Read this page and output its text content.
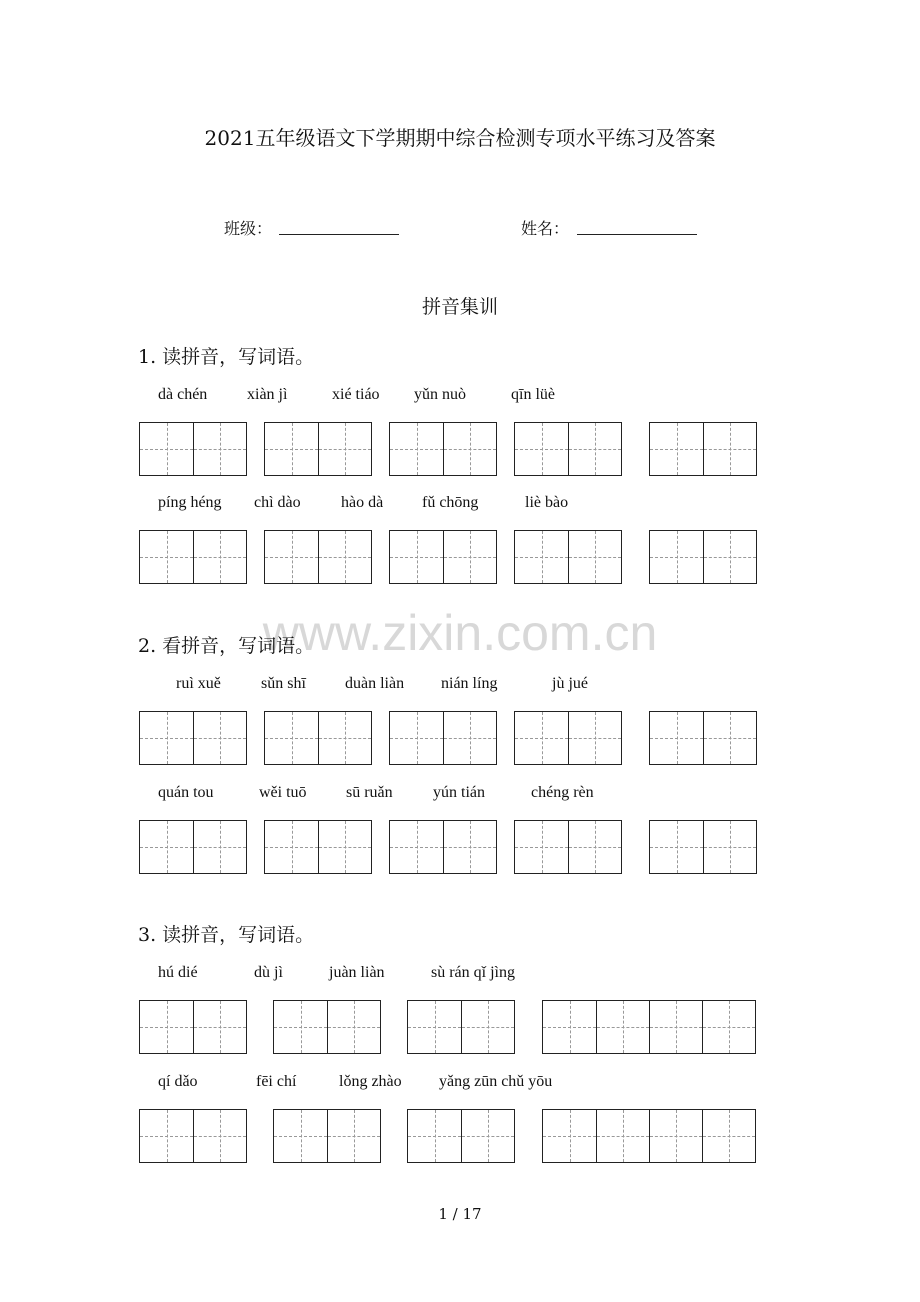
www.zixin.com.cn
2021五年级语文下学期期中综合检测专项水平练习及答案
班级：	姓名：
拼音集训
1. 读拼音，写词语。
dà chén xiàn jì	xié tiáo yǔn nuò	qīn lüè
píng héng chì dào	hào dà fǔ chōng	liè bào
2. 看拼音，写词语。
ruì xuě	sǔn shī duàn liàn nián líng	jù jué
quán tou	wěi tuō sū ruǎn	yún tián	chéng rèn
3. 读拼音，写词语。
hú dié	dù jì	juàn liàn	sù rán qǐ jìng
qí dǎo	fēi chí	lǒng zhào yǎng zūn chǔ yōu
1 / 17
